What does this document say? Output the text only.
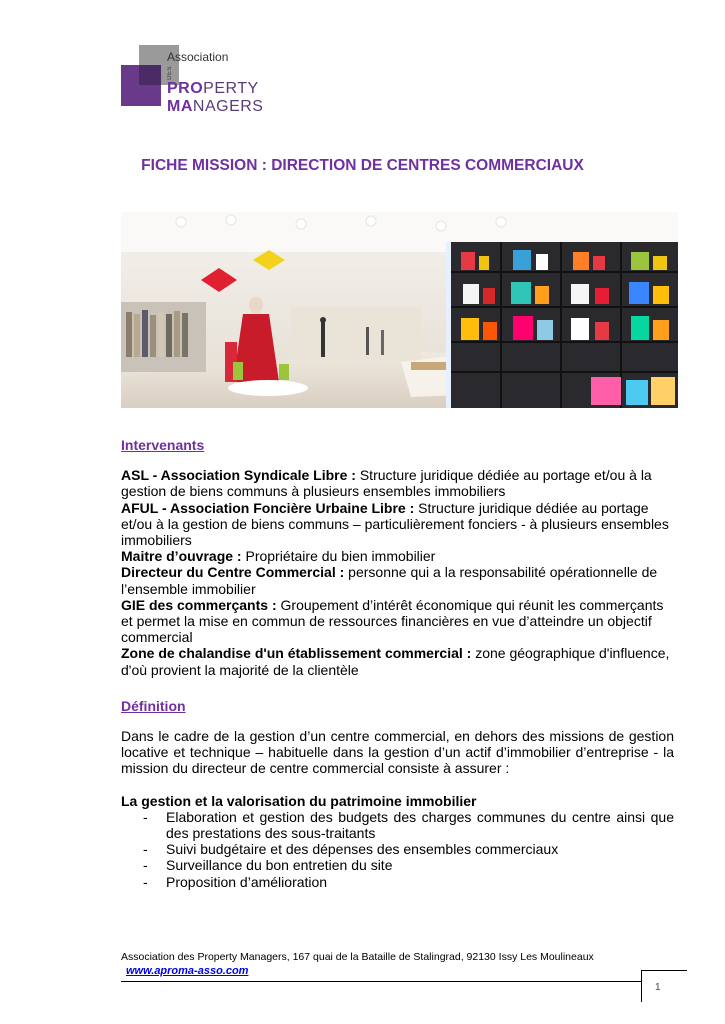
Association
DESPROPERTY
MANAGERS
FICHE MISSION : DIRECTION DE CENTRES COMMERCIAUX
Intervenants

ASL - Association Syndicale Libre : Structure juridique dédiée au portage et/ou à la gestion de biens communs à plusieurs ensembles immobiliers

AFUL - Association Foncière Urbaine Libre : Structure juridique dédiée au portage et/ou à la gestion de biens communs – particulièrement fonciers - à plusieurs ensembles immobiliers

Maitre d’ouvrage : Propriétaire du bien immobilier

Directeur du Centre Commercial : personne qui a la responsabilité opérationnelle de l’ensemble immobilier

GIE des commerçants : Groupement d’intérêt économique qui réunit les commerçants et permet la mise en commun de ressources financières en vue d’atteindre un objectif commercial

Zone de chalandise d'un établissement commercial : zone géographique d'influence, d'où provient la majorité de la clientèle

Définition

Dans le cadre de la gestion d’un centre commercial, en dehors des missions de gestion locative et technique – habituelle dans la gestion d’un actif d’immobilier d’entreprise - la mission du directeur de centre commercial consiste à assurer :

La gestion et la valorisation du patrimoine immobilier

- Elaboration et gestion des budgets des charges communes du centre ainsi que des prestations des sous-traitants
- Suivi budgétaire et des dépenses des ensembles commerciaux
- Surveillance du bon entretien du site
- Proposition d’amélioration
Association des Property Managers, 167 quai de la Bataille de Stalingrad, 92130 Issy Les Moulineaux
www.aproma-asso.com
1
